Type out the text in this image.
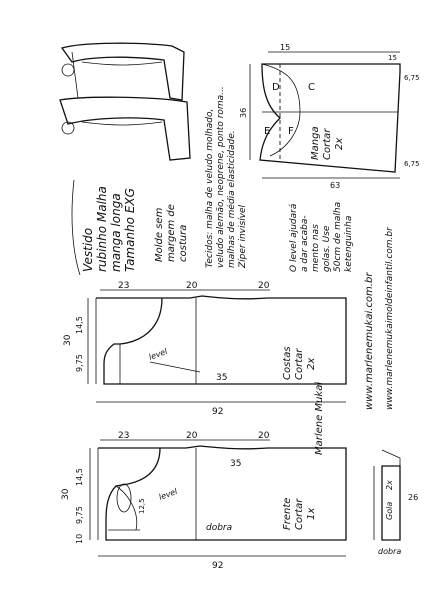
Vestido rubinho Malha manga longa Tamanho EXG Molde sem margem de costura Tecidos: malha de veludo molhado, veludo alemão, neoprene, ponto roma... malhas de média elasticidade. Zíper invisível
C
D
F
E
15
36
63
6,75
6,75
15
Manga Cortar 2x
O level ajudará a dar acaba- mento nas golas. Use 50cm de malha ketenguinha
www.marlenemukai.com.br www.marlenemukaimoldeinfantil.com.br
23	20	20
35
92
30
14,5
9,75	level	Costas Cortar 2x
Marlene Mukai
23	20	20
35
92
30
14,5
9,75
10
12,5
level
dobra	Frente Cortar 1x	Gola
2x
26
dobra
